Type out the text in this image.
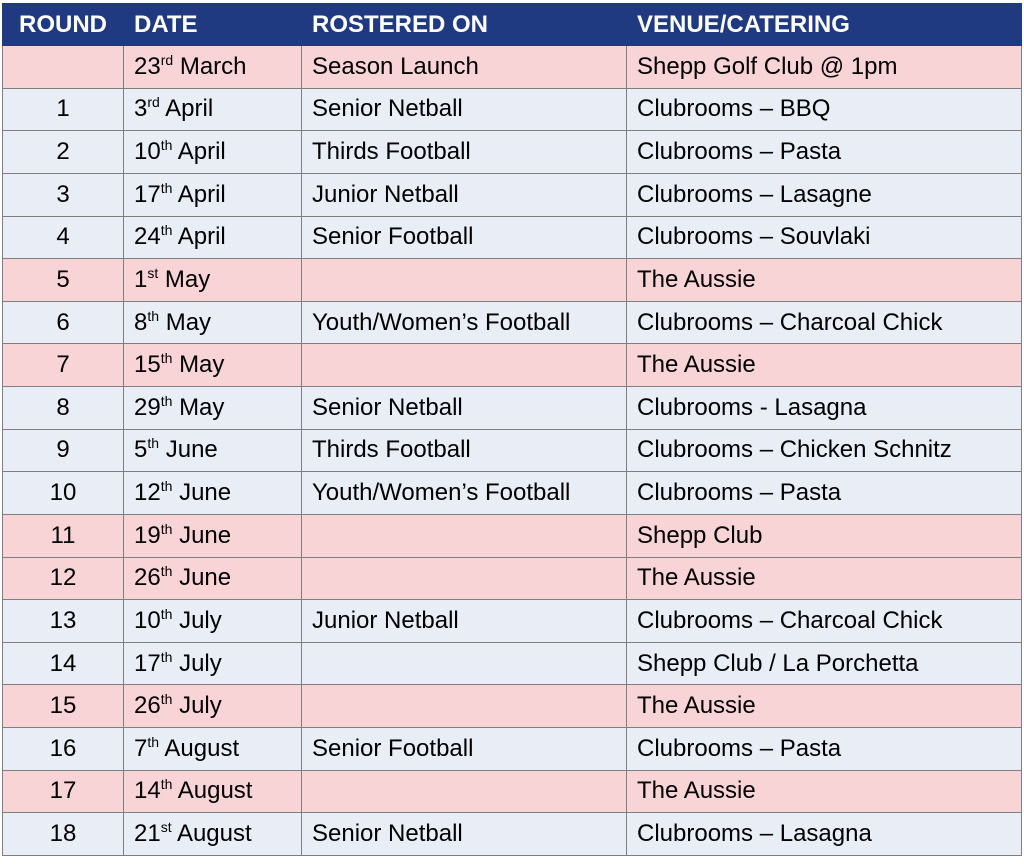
ROUND	DATE	ROSTERED ON	VENUE/CATERING
	23rd March	Season Launch	Shepp Golf Club @ 1pm
1	3rd April	Senior Netball	Clubrooms – BBQ
2	10th April	Thirds Football	Clubrooms – Pasta
3	17th April	Junior Netball	Clubrooms – Lasagne
4	24th April	Senior Football	Clubrooms – Souvlaki
5	1st May		The Aussie
6	8th May	Youth/Women’s Football	Clubrooms – Charcoal Chick
7	15th May		The Aussie
8	29th May	Senior Netball	Clubrooms - Lasagna
9	5th June	Thirds Football	Clubrooms – Chicken Schnitz
10	12th June	Youth/Women’s Football	Clubrooms – Pasta
11	19th June		Shepp Club
12	26th June		The Aussie
13	10th July	Junior Netball	Clubrooms – Charcoal Chick
14	17th July		Shepp Club / La Porchetta
15	26th July		The Aussie
16	7th August	Senior Football	Clubrooms – Pasta
17	14th August		The Aussie
18	21st August	Senior Netball	Clubrooms – Lasagna
